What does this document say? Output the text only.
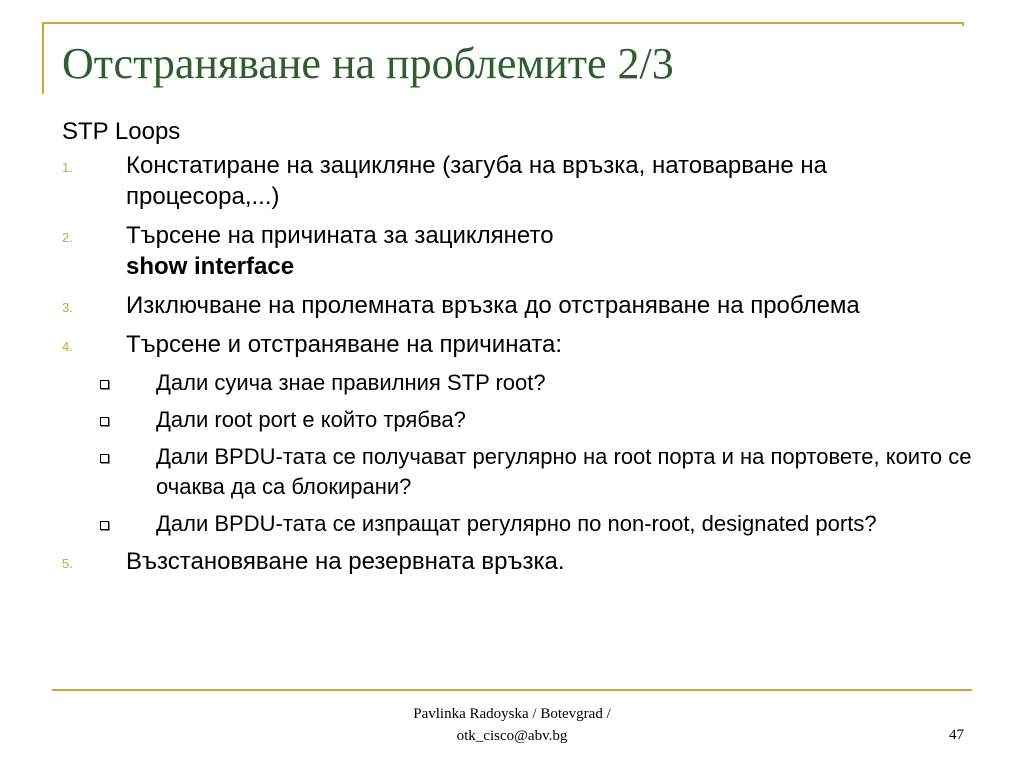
Отстраняване на проблемите 2/3
STP Loops
1. Констатиране на зацикляне (загуба на връзка, натоварване на процесора,...)
2. Търсене на причината за зациклянето
show interface
3. Изключване на пролемната връзка до отстраняване на проблема
4. Търсене и отстраняване на причината:
Дали суича знае правилния STP root?
Дали root port е който трябва?
Дали BPDU-тата се получават регулярно на root порта и на портовете, които се очаква да са блокирани?
Дали BPDU-тата се изпращат регулярно по non-root, designated ports?
5. Възстановяване на резервната връзка.
Pavlinka Radoyska / Botevgrad /
otk_cisco@abv.bg	47
